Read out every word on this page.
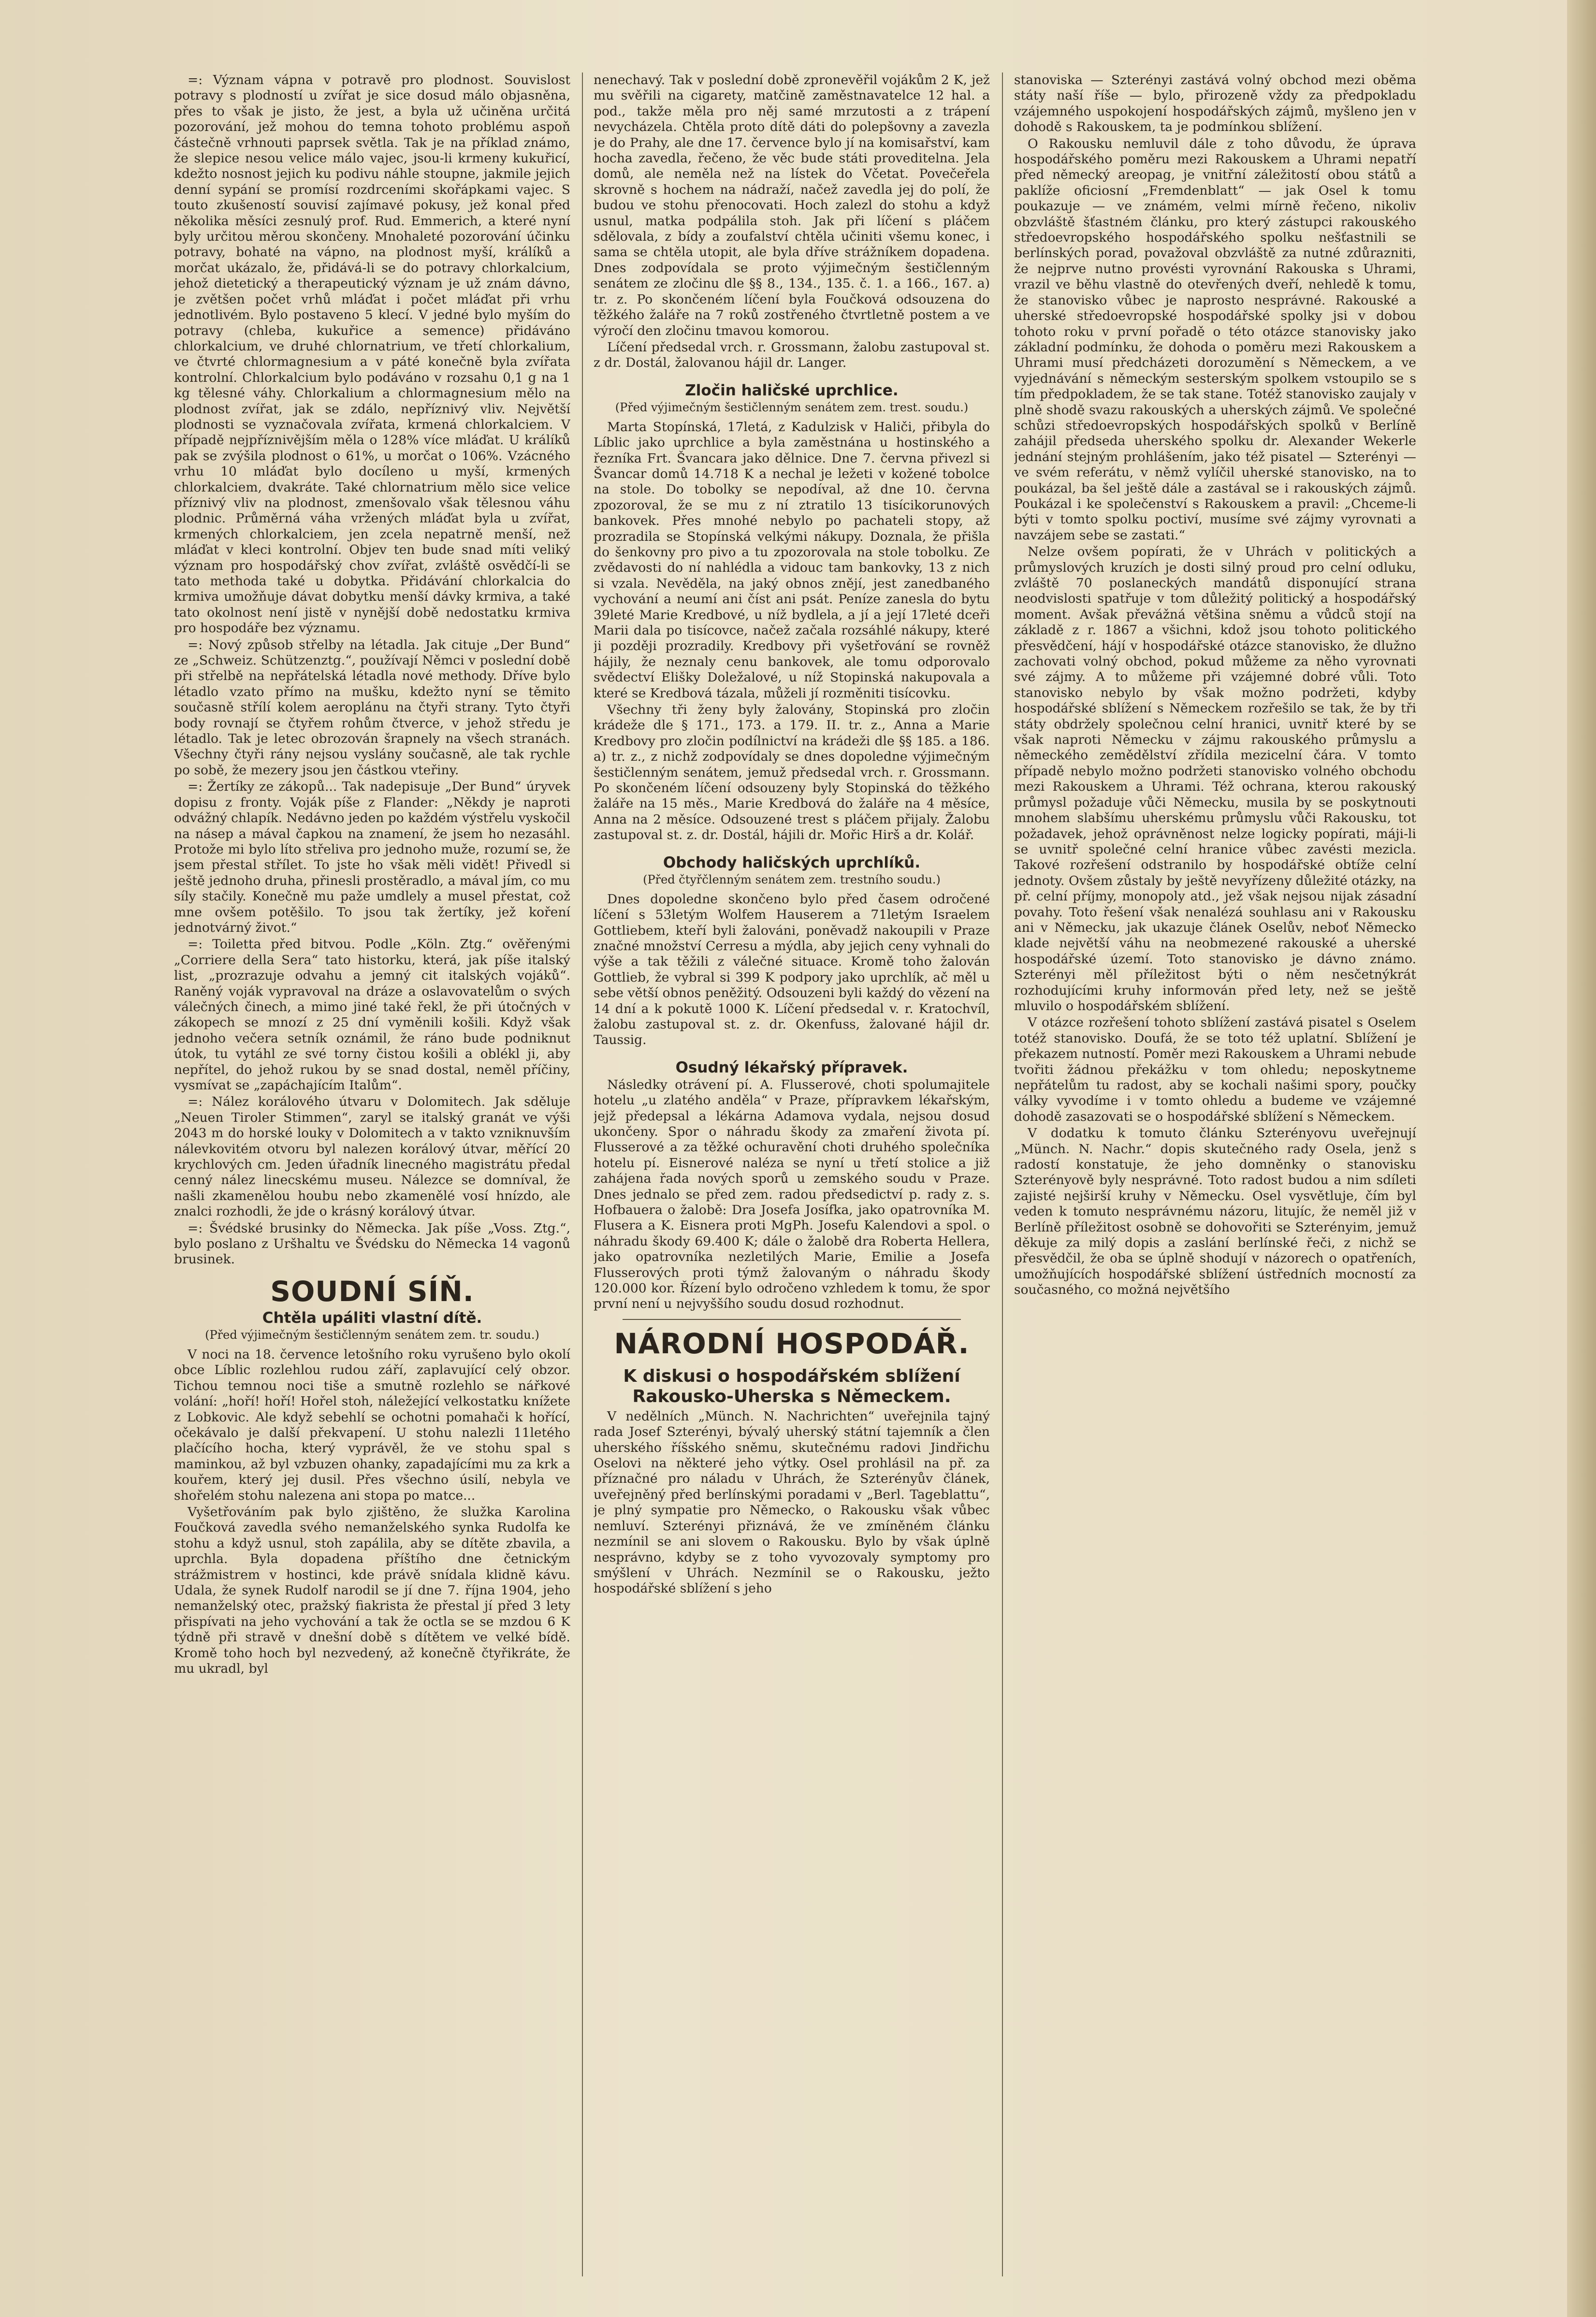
=: Význam vápna v potravě pro plodnost. Souvislost potravy s plodností u zvířat je sice dosud málo objasněna, přes to však je jisto, že jest, a byla už učiněna určitá pozorování, jež mohou do temna tohoto problému aspoň částečně vrhnouti paprsek světla. Tak je na příklad známo, že slepice nesou velice málo vajec, jsou-li krmeny kukuřicí, kdežto nosnost jejich ku podivu náhle stoupne, jakmile jejich denní sypání se promísí rozdrceními skořápkami vajec. S touto zkušeností souvisí zajímavé pokusy, jež konal před několika měsíci zesnulý prof. Rud. Emmerich, a které nyní byly určitou měrou skončeny. Mnohaleté pozorování účinku potravy, bohaté na vápno, na plodnost myší, králíků a morčat ukázalo, že, přidává-li se do potravy chlorkalcium, jehož dietetický a therapeutický význam je už znám dávno, je zvětšen počet vrhů mláďat i počet mláďat při vrhu jednotlivém. Bylo postaveno 5 klecí. V jedné bylo myším do potravy (chleba, kukuřice a semence) přidáváno chlorkalcium, ve druhé chlornatrium, ve třetí chlorkalium, ve čtvrté chlormagnesium a v páté konečně byla zvířata kontrolní. Chlorkalcium bylo podáváno v rozsahu 0,1 g na 1 kg tělesné váhy. Chlorkalium a chlormagnesium mělo na plodnost zvířat, jak se zdálo, nepříznivý vliv. Největší plodnosti se vyznačovala zvířata, krmená chlorkalciem. V případě nejpříznivějším měla o 128% více mláďat. U králíků pak se zvýšila plodnost o 61%, u morčat o 106%. Vzácného vrhu 10 mláďat bylo docíleno u myší, krmených chlorkalciem, dvakráte. Také chlornatrium mělo sice velice příznivý vliv na plodnost, zmenšovalo však tělesnou váhu plodnic. Průměrná váha vržených mláďat byla u zvířat, krmených chlorkalciem, jen zcela nepatrně menší, než mláďat v kleci kontrolní. Objev ten bude snad míti veliký význam pro hospodářský chov zvířat, zvláště osvědčí-li se tato methoda také u dobytka. Přidávání chlorkalcia do krmiva umožňuje dávat dobytku menší dávky krmiva, a také tato okolnost není jistě v nynější době nedostatku krmiva pro hospodáře bez významu.

=: Nový způsob střelby na létadla. Jak cituje „Der Bund“ ze „Schweiz. Schützenztg.“, používají Němci v poslední době při střelbě na nepřátelská létadla nové methody. Dříve bylo létadlo vzato přímo na mušku, kdežto nyní se těmito současně střílí kolem aeroplánu na čtyři strany. Tyto čtyři body rovnají se čtyřem rohům čtverce, v jehož středu je létadlo. Tak je letec obrozován šrapnely na všech stranách. Všechny čtyři rány nejsou vyslány současně, ale tak rychle po sobě, že mezery jsou jen částkou vteřiny.

=: Žertíky ze zákopů... Tak nadepisuje „Der Bund“ úryvek dopisu z fronty. Voják píše z Flander: „Někdy je naproti odvážný chlapík. Nedávno jeden po každém výstřelu vyskočil na násep a mával čapkou na znamení, že jsem ho nezasáhl. Protože mi bylo líto střeliva pro jednoho muže, rozumí se, že jsem přestal střílet. To jste ho však měli vidět! Přivedl si ještě jednoho druha, přinesli prostěradlo, a mával jím, co mu síly stačily. Konečně mu paže umdlely a musel přestat, což mne ovšem potěšilo. To jsou tak žertíky, jež koření jednotvárný život.“

=: Toiletta před bitvou. Podle „Köln. Ztg.“ ověřenými „Corriere della Sera“ tato historku, která, jak píše italský list, „prozrazuje odvahu a jemný cit italských vojáků“. Raněný voják vypravoval na dráze a oslavovatelům o svých válečných činech, a mimo jiné také řekl, že při útočných v zákopech se mnozí z 25 dní vyměnili košili. Když však jednoho večera setník oznámil, že ráno bude podniknut útok, tu vytáhl ze své torny čistou košili a oblékl ji, aby nepřítel, do jehož rukou by se snad dostal, neměl příčiny, vysmívat se „zapáchajícím Italům“.

=: Nález korálového útvaru v Dolomitech. Jak sděluje „Neuen Tiroler Stimmen“, zaryl se italský granát ve výši 2043 m do horské louky v Dolomitech a v takto vzniknuvším nálevkovitém otvoru byl nalezen korálový útvar, měřící 20 krychlových cm. Jeden úřadník linecného magistrátu předal cenný nález linecskému museu. Nálezce se domníval, že našli zkamenělou houbu nebo zkamenělé vosí hnízdo, ale znalci rozhodli, že jde o krásný korálový útvar.

=: Švédské brusinky do Německa. Jak píše „Voss. Ztg.“, bylo poslano z Uršhaltu ve Švédsku do Německa 14 vagonů brusinek.

SOUDNÍ SÍŇ.
Chtěla upáliti vlastní dítě.
(Před výjimečným šestičlenným senátem zem. tr. soudu.)

V noci na 18. července letošního roku vyrušeno bylo okolí obce Líblic rozlehlou rudou září, zaplavující celý obzor. Tichou temnou noci tiše a smutně rozlehlo se nářkové volání: „hoří! hoří! Hořel stoh, náležející velkostatku knížete z Lobkovic. Ale když sebehlí se ochotni pomahači k hořící, očekávalo je další překvapení. U stohu nalezli 11letého plačícího hocha, který vyprávěl, že ve stohu spal s maminkou, až byl vzbuzen ohanky, zapadajícími mu za krk a kouřem, který jej dusil. Přes všechno úsilí, nebyla ve shořelém stohu nalezena ani stopa po matce...

Vyšetřováním pak bylo zjištěno, že služka Karolina Foučková zavedla svého nemanželského synka Rudolfa ke stohu a když usnul, stoh zapálila, aby se dítěte zbavila, a uprchla. Byla dopadena příštího dne četnickým strážmistrem v hostinci, kde právě snídala klidně kávu. Udala, že synek Rudolf narodil se jí dne 7. října 1904, jeho nemanželský otec, pražský fiakrista že přestal jí před 3 lety přispívati na jeho vychování a tak že octla se se mzdou 6 K týdně při stravě v dnešní době s dítětem ve velké bídě. Kromě toho hoch byl nezvedený, až konečně čtyřikráte, že mu ukradl, byl

nenechavý. Tak v poslední době zpronevěřil vojákům 2 K, jež mu svěřili na cigarety, matčině zaměstnavatelce 12 hal. a pod., takže měla pro něj samé mrzutosti a z trápení nevycházela. Chtěla proto dítě dáti do polepšovny a zavezla je do Prahy, ale dne 17. července bylo jí na komisařství, kam hocha zavedla, řečeno, že věc bude státi proveditelna. Jela domů, ale neměla než na lístek do Včetat. Povečeřela skrovně s hochem na nádraží, načež zavedla jej do polí, že budou ve stohu přenocovati. Hoch zalezl do stohu a když usnul, matka podpálila stoh. Jak při líčení s pláčem sdělovala, z bídy a zoufalství chtěla učiniti všemu konec, i sama se chtěla utopit, ale byla dříve strážníkem dopadena. Dnes zodpovídala se proto výjimečným šestičlenným senátem ze zločinu dle §§ 8., 134., 135. č. 1. a 166., 167. a) tr. z. Po skončeném líčení byla Foučková odsouzena do těžkého žaláře na 7 roků zostřeného čtvrtletně postem a ve výročí den zločinu tmavou komorou.

Líčení předsedal vrch. r. Grossmann, žalobu zastupoval st. z dr. Dostál, žalovanou hájil dr. Langer.

Zločin haličské uprchlice.
(Před výjimečným šestičlenným senátem zem. trest. soudu.)

Marta Stopínská, 17letá, z Kadulzisk v Haliči, přibyla do Líblic jako uprchlice a byla zaměstnána u hostinského a řezníka Frt. Švancara jako dělnice. Dne 7. června přivezl si Švancar domů 14.718 K a nechal je ležeti v kožené tobolce na stole. Do tobolky se nepodíval, až dne 10. června zpozoroval, že se mu z ní ztratilo 13 tisícikorunových bankovek. Přes mnohé nebylo po pachateli stopy, až prozradila se Stopínská velkými nákupy. Doznala, že přišla do šenkovny pro pivo a tu zpozorovala na stole tobolku. Ze zvědavosti do ní nahlédla a vidouc tam bankovky, 13 z nich si vzala. Nevěděla, na jaký obnos znějí, jest zanedbaného vychování a neumí ani číst ani psát. Peníze zanesla do bytu 39leté Marie Kredbové, u níž bydlela, a jí a její 17leté dceři Marii dala po tisícovce, načež začala rozsáhlé nákupy, které ji později prozradily. Kredbovy při vyšetřování se rovněž hájily, že neznaly cenu bankovek, ale tomu odporovalo svědectví Elišky Doležalové, u níž Stopinská nakupovala a které se Kredbová tázala, můželi jí rozměniti tisícovku.

Všechny tři ženy byly žalovány, Stopinská pro zločin krádeže dle § 171., 173. a 179. II. tr. z., Anna a Marie Kredbovy pro zločin podílnictví na krádeži dle §§ 185. a 186. a) tr. z., z nichž zodpovídaly se dnes dopoledne výjimečným šestičlenným senátem, jemuž předsedal vrch. r. Grossmann. Po skončeném líčení odsouzeny byly Stopinská do těžkého žaláře na 15 měs., Marie Kredbová do žaláře na 4 měsíce, Anna na 2 měsíce. Odsouzené trest s pláčem přijaly. Žalobu zastupoval st. z. dr. Dostál, hájili dr. Mořic Hirš a dr. Kolář.

Obchody haličských uprchlíků.
(Před čtyřčlenným senátem zem. trestního soudu.)

Dnes dopoledne skončeno bylo před časem odročené líčení s 53letým Wolfem Hauserem a 71letým Israelem Gottliebem, kteří byli žalováni, poněvadž nakoupili v Praze značné množství Cerresu a mýdla, aby jejich ceny vyhnali do výše a tak těžili z válečné situace. Kromě toho žalován Gottlieb, že vybral si 399 K podpory jako uprchlík, ač měl u sebe větší obnos peněžitý. Odsouzeni byli každý do vězení na 14 dní a k pokutě 1000 K. Líčení předsedal v. r. Kratochvíl, žalobu zastupoval st. z. dr. Okenfuss, žalované hájil dr. Taussig.

Osudný lékařský přípravek.

Následky otrávení pí. A. Flusserové, choti spolumajitele hotelu „u zlatého anděla“ v Praze, přípravkem lékařským, jejž předepsal a lékárna Adamova vydala, nejsou dosud ukončeny. Spor o náhradu škody za zmaření života pí. Flusserové a za těžké ochuravění choti druhého společníka hotelu pí. Eisnerové naléza se nyní u třetí stolice a již zahájena řada nových sporů u zemského soudu v Praze. Dnes jednalo se před zem. radou předsedictví p. rady z. s. Hofbauera o žalobě: Dra Josefa Josífka, jako opatrovníka M. Flusera a K. Eisnera proti MgPh. Josefu Kalendovi a spol. o náhradu škody 69.400 K; dále o žalobě dra Roberta Hellera, jako opatrovníka nezletilých Marie, Emilie a Josefa Flusserových proti týmž žalovaným o náhradu škody 120.000 kor. Řízení bylo odročeno vzhledem k tomu, že spor první není u nejvyššího soudu dosud rozhodnut.

NÁRODNÍ HOSPODÁŘ.
K diskusi o hospodářském sblížení Rakousko-Uherska s Německem.

V nedělních „Münch. N. Nachrichten“ uveřejnila tajný rada Josef Szterényi, bývalý uherský státní tajemník a člen uherského říšského sněmu, skutečnému radovi Jindřichu Oselovi na některé jeho výtky. Osel prohlásil na př. za příznačné pro náladu v Uhrách, že Szterényův článek, uveřejněný před berlínskými poradami v „Berl. Tageblattu“, je plný sympatie pro Německo, o Rakousku však vůbec nemluví. Szterényi přiznává, že ve zmíněném článku nezmínil se ani slovem o Rakousku. Bylo by však úplně nesprávno, kdyby se z toho vyvozovaly symptomy pro smýšlení v Uhrách. Nezmínil se o Rakousku, ježto hospodářské sblížení s jeho

stanoviska — Szterényi zastává volný obchod mezi oběma státy naší říše — bylo, přirozeně vždy za předpokladu vzájemného uspokojení hospodářských zájmů, myšleno jen v dohodě s Rakouskem, ta je podmínkou sblížení.

O Rakousku nemluvil dále z toho důvodu, že úprava hospodářského poměru mezi Rakouskem a Uhrami nepatří před německý areopag, je vnitřní záležitostí obou států a paklíže oficiosní „Fremdenblatt“ — jak Osel k tomu poukazuje — ve známém, velmi mírně řečeno, nikoliv obzvláště šťastném článku, pro který zástupci rakouského středoevropského hospodářského spolku nešťastnili se berlínských porad, považoval obzvláště za nutné zdůrazniti, že nejprve nutno provésti vyrovnání Rakouska s Uhrami, vrazil ve běhu vlastně do otevřených dveří, nehledě k tomu, že stanovisko vůbec je naprosto nesprávné. Rakouské a uherské středoevropské hospodářské spolky jsi v dobou tohoto roku v první pořadě o této otázce stanovisky jako základní podmínku, že dohoda o poměru mezi Rakouskem a Uhrami musí předcházeti dorozumění s Německem, a ve vyjednávání s německým sesterským spolkem vstoupilo se s tím předpokladem, že se tak stane. Totéž stanovisko zaujaly v plně shodě svazu rakouských a uherských zájmů. Ve společné schůzi středoevropských hospodářských spolků v Berlíně zahájil předseda uherského spolku dr. Alexander Wekerle jednání stejným prohlášením, jako též pisatel — Szterényi — ve svém referátu, v němž vylíčil uherské stanovisko, na to poukázal, ba šel ještě dále a zastával se i rakouských zájmů. Poukázal i ke společenství s Rakouskem a pravil: „Chceme-li býti v tomto spolku poctiví, musíme své zájmy vyrovnati a navzájem sebe se zastati.“

Nelze ovšem popírati, že v Uhrách v politických a průmyslových kruzích je dosti silný proud pro celní odluku, zvláště 70 poslaneckých mandátů disponující strana neodvislosti spatřuje v tom důležitý politický a hospodářský moment. Avšak převážná většina sněmu a vůdců stojí na základě z r. 1867 a všichni, kdož jsou tohoto politického přesvědčení, hájí v hospodářské otázce stanovisko, že dlužno zachovati volný obchod, pokud můžeme za něho vyrovnati své zájmy. A to můžeme při vzájemné dobré vůli. Toto stanovisko nebylo by však možno podržeti, kdyby hospodářské sblížení s Německem rozřešilo se tak, že by tři státy obdržely společnou celní hranici, uvnitř které by se však naproti Německu v zájmu rakouského průmyslu a německého zemědělství zřídila mezicelní čára. V tomto případě nebylo možno podržeti stanovisko volného obchodu mezi Rakouskem a Uhrami. Též ochrana, kterou rakouský průmysl požaduje vůči Německu, musila by se poskytnouti mnohem slabšímu uherskému průmyslu vůči Rakousku, tot požadavek, jehož oprávněnost nelze logicky popírati, máji-li se uvnitř společné celní hranice vůbec zavésti mezicla. Takové rozřešení odstranilo by hospodářské obtíže celní jednoty. Ovšem zůstaly by ještě nevyřízeny důležité otázky, na př. celní příjmy, monopoly atd., jež však nejsou nijak zásadní povahy. Toto řešení však nenalézá souhlasu ani v Rakousku ani v Německu, jak ukazuje článek Oselův, neboť Německo klade největší váhu na neobmezené rakouské a uherské hospodářské území. Toto stanovisko je dávno známo. Szterényi měl příležitost býti o něm nesčetnýkrát rozhodujícími kruhy informován před lety, než se ještě mluvilo o hospodářském sblížení.

V otázce rozřešení tohoto sblížení zastává pisatel s Oselem totéž stanovisko. Doufá, že se toto též uplatní. Sblížení je překazem nutností. Poměr mezi Rakouskem a Uhrami nebude tvořiti žádnou překážku v tom ohledu; neposkytneme nepřátelům tu radost, aby se kochali našimi spory, poučky války vyvodíme i v tomto ohledu a budeme ve vzájemné dohodě zasazovati se o hospodářské sblížení s Německem.

V dodatku k tomuto článku Szterényovu uveřejnují „Münch. N. Nachr.“ dopis skutečného rady Osela, jenž s radostí konstatuje, že jeho domněnky o stanovisku Szterényově byly nesprávné. Toto radost budou a nim sdíleti zajisté nejširší kruhy v Německu. Osel vysvětluje, čím byl veden k tomuto nesprávnému názoru, litujíc, že neměl již v Berlíně příležitost osobně se dohovořiti se Szterényim, jemuž děkuje za milý dopis a zaslání berlínské řeči, z nichž se přesvědčil, že oba se úplně shodují v názorech o opatřeních, umožňujících hospodářské sblížení ústředních mocností za současného, co možná největšího
